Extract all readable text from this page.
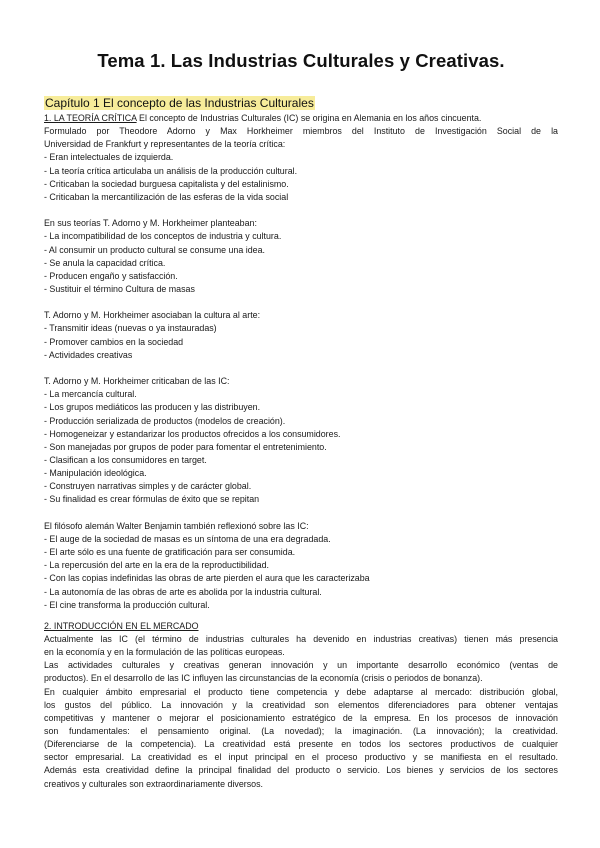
Tema 1. Las Industrias Culturales y Creativas.
Capítulo 1 El concepto de las Industrias Culturales
1. LA TEORÍA CRÍTICA El concepto de Industrias Culturales (IC) se origina en Alemania en los años cincuenta.
Formulado por Theodore Adorno y Max Horkheimer miembros del Instituto de Investigación Social de la
Universidad de Frankfurt y representantes de la teoría crítica:
- Eran intelectuales de izquierda.
- La teoría crítica articulaba un análisis de la producción cultural.
- Criticaban la sociedad burguesa capitalista y del estalinismo.
- Criticaban la mercantilización de las esferas de la vida social
En sus teorías T. Adorno y M. Horkheimer planteaban:
- La incompatibilidad de los conceptos de industria y cultura.
- Al consumir un producto cultural se consume una idea.
- Se anula la capacidad crítica.
- Producen engaño y satisfacción.
- Sustituir el término Cultura de masas
T. Adorno y M. Horkheimer asociaban la cultura al arte:
- Transmitir ideas (nuevas o ya instauradas)
- Promover cambios en la sociedad
- Actividades creativas
T. Adorno y M. Horkheimer criticaban de las IC:
- La mercancía cultural.
- Los grupos mediáticos las producen y las distribuyen.
- Producción serializada de productos (modelos de creación).
- Homogeneizar y estandarizar los productos ofrecidos a los consumidores.
- Son manejadas por grupos de poder para fomentar el entretenimiento.
- Clasifican a los consumidores en target.
- Manipulación ideológica.
- Construyen narrativas simples y de carácter global.
- Su finalidad es crear fórmulas de éxito que se repitan
El filósofo alemán Walter Benjamin también reflexionó sobre las IC:
- El auge de la sociedad de masas es un síntoma de una era degradada.
- El arte sólo es una fuente de gratificación para ser consumida.
- La repercusión del arte en la era de la reproductibilidad.
- Con las copias indefinidas las obras de arte pierden el aura que les caracterizaba
- La autonomía de las obras de arte es abolida por la industria cultural.
- El cine transforma la producción cultural.
2. INTRODUCCIÓN EN EL MERCADO
Actualmente las IC (el término de industrias culturales ha devenido en industrias creativas) tienen más presencia
en la economía y en la formulación de las políticas europeas.
Las actividades culturales y creativas generan innovación y un importante desarrollo económico (ventas de
productos). En el desarrollo de las IC influyen las circunstancias de la economía (crisis o periodos de bonanza).
En cualquier ámbito empresarial el producto tiene competencia y debe adaptarse al mercado: distribución global,
los gustos del público. La innovación y la creatividad son elementos diferenciadores para obtener ventajas
competitivas y mantener o mejorar el posicionamiento estratégico de la empresa. En los procesos de innovación
son fundamentales: el pensamiento original. (La novedad); la imaginación. (La innovación); la creatividad.
(Diferenciarse de la competencia). La creatividad está presente en todos los sectores productivos de cualquier
sector empresarial. La creatividad es el input principal en el proceso productivo y se manifiesta en el resultado.
Además esta creatividad define la principal finalidad del producto o servicio. Los bienes y servicios de los sectores
creativos y culturales son extraordinariamente diversos.
